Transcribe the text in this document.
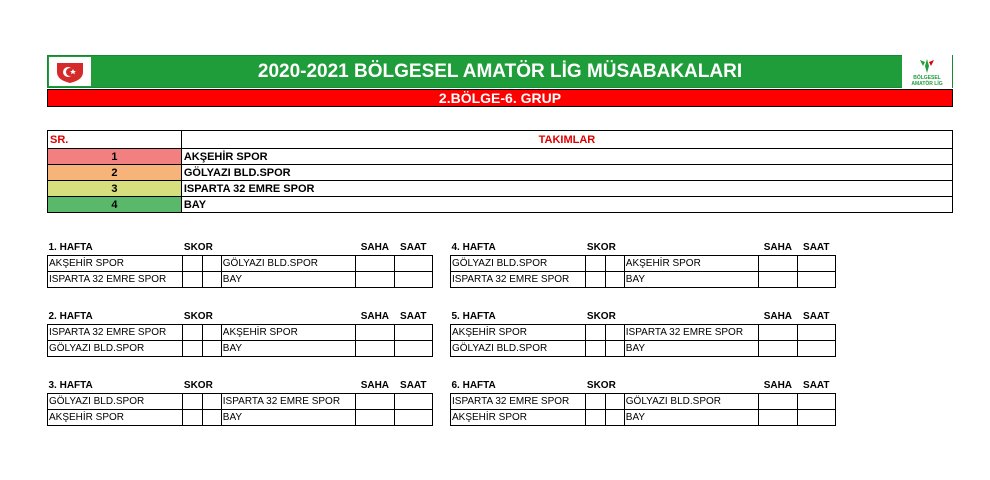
2020-2021 BÖLGESEL AMATÖR LİG MÜSABAKALARI	BÖLGESEL
AMATÖR LİG
2.BÖLGE-6. GRUP
SR.	TAKIMLAR
1	AKŞEHİR SPOR
2	GÖLYAZI BLD.SPOR
3	ISPARTA 32 EMRE SPOR
4	BAY
1. HAFTA	SKOR			SAHA	SAAT
AKŞEHİR SPOR			GÖLYAZI BLD.SPOR		
ISPARTA 32 EMRE SPOR			BAY		
4. HAFTA	SKOR			SAHA	SAAT
GÖLYAZI BLD.SPOR			AKŞEHİR SPOR		
ISPARTA 32 EMRE SPOR			BAY		
2. HAFTA	SKOR			SAHA	SAAT
ISPARTA 32 EMRE SPOR			AKŞEHİR SPOR		
GÖLYAZI BLD.SPOR			BAY		
5. HAFTA	SKOR			SAHA	SAAT
AKŞEHİR SPOR			ISPARTA 32 EMRE SPOR		
GÖLYAZI BLD.SPOR			BAY		
3. HAFTA	SKOR			SAHA	SAAT
GÖLYAZI BLD.SPOR			ISPARTA 32 EMRE SPOR		
AKŞEHİR SPOR			BAY		
6. HAFTA	SKOR			SAHA	SAAT
ISPARTA 32 EMRE SPOR			GÖLYAZI BLD.SPOR		
AKŞEHİR SPOR			BAY		
